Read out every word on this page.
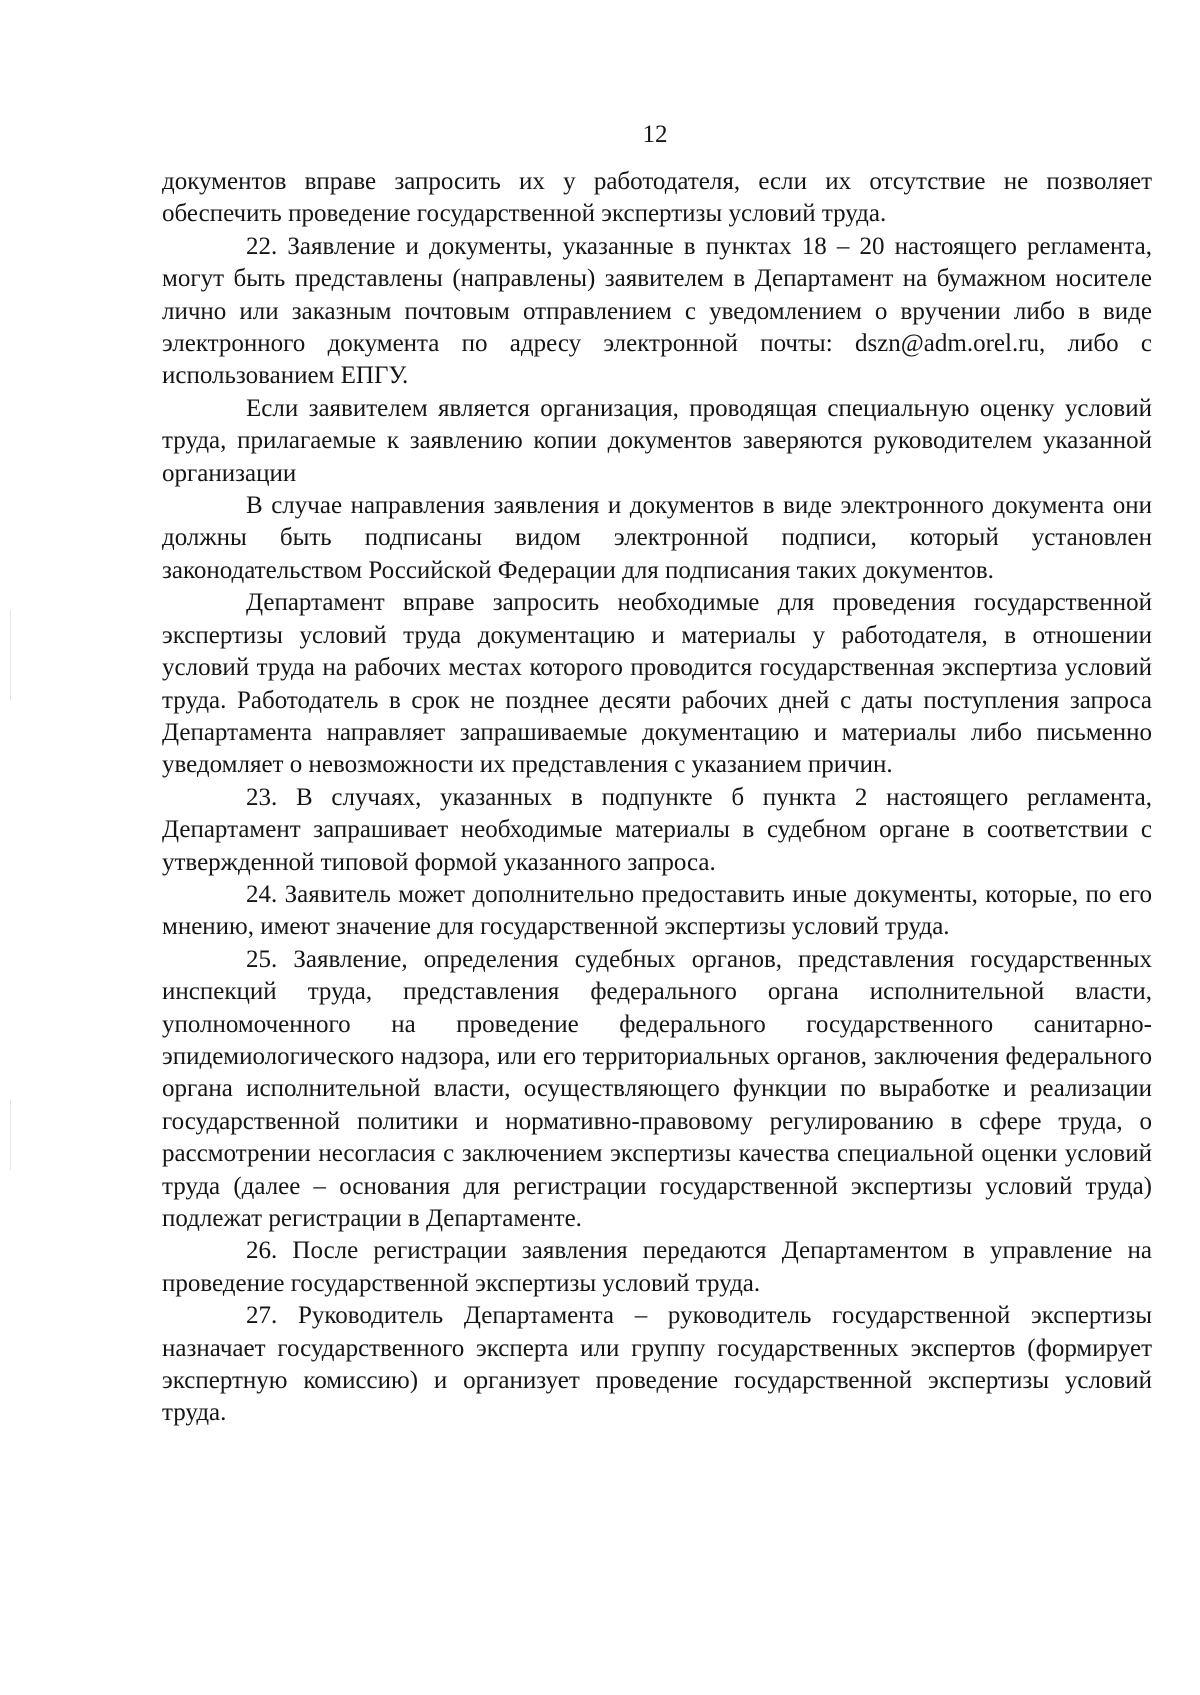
12

документов вправе запросить их у работодателя, если их отсутствие не позволяет обеспечить проведение государственной экспертизы условий труда.

22. Заявление и документы, указанные в пунктах 18 – 20 настоящего регламента, могут быть представлены (направлены) заявителем в Департамент на бумажном носителе лично или заказным почтовым отправлением с уведомлением о вручении либо в виде электронного документа по адресу электронной почты: dszn@adm.orel.ru, либо с использованием ЕПГУ.

Если заявителем является организация, проводящая специальную оценку условий труда, прилагаемые к заявлению копии документов заверяются руководителем указанной организации

В случае направления заявления и документов в виде электронного документа они должны быть подписаны видом электронной подписи, который установлен законодательством Российской Федерации для подписания таких документов.

Департамент вправе запросить необходимые для проведения государственной экспертизы условий труда документацию и материалы у работодателя, в отношении условий труда на рабочих местах которого проводится государственная экспертиза условий труда. Работодатель в срок не позднее десяти рабочих дней с даты поступления запроса Департамента направляет запрашиваемые документацию и материалы либо письменно уведомляет о невозможности их представления с указанием причин.

23. В случаях, указанных в подпункте б пункта 2 настоящего регламента, Департамент запрашивает необходимые материалы в судебном органе в соответствии с утвержденной типовой формой указанного запроса.

24. Заявитель может дополнительно предоставить иные документы, которые, по его мнению, имеют значение для государственной экспертизы условий труда.

25. Заявление, определения судебных органов, представления государственных инспекций труда, представления федерального органа исполнительной власти, уполномоченного на проведение федерального государственного санитарно-эпидемиологического надзора, или его территориальных органов, заключения федерального органа исполнительной власти, осуществляющего функции по выработке и реализации государственной политики и нормативно-правовому регулированию в сфере труда, о рассмотрении несогласия с заключением экспертизы качества специальной оценки условий труда (далее – основания для регистрации государственной экспертизы условий труда) подлежат регистрации в Департаменте.

26. После регистрации заявления передаются Департаментом в управление на проведение государственной экспертизы условий труда.

27. Руководитель Департамента – руководитель государственной экспертизы назначает государственного эксперта или группу государственных экспертов (формирует экспертную комиссию) и организует проведение государственной экспертизы условий труда.
